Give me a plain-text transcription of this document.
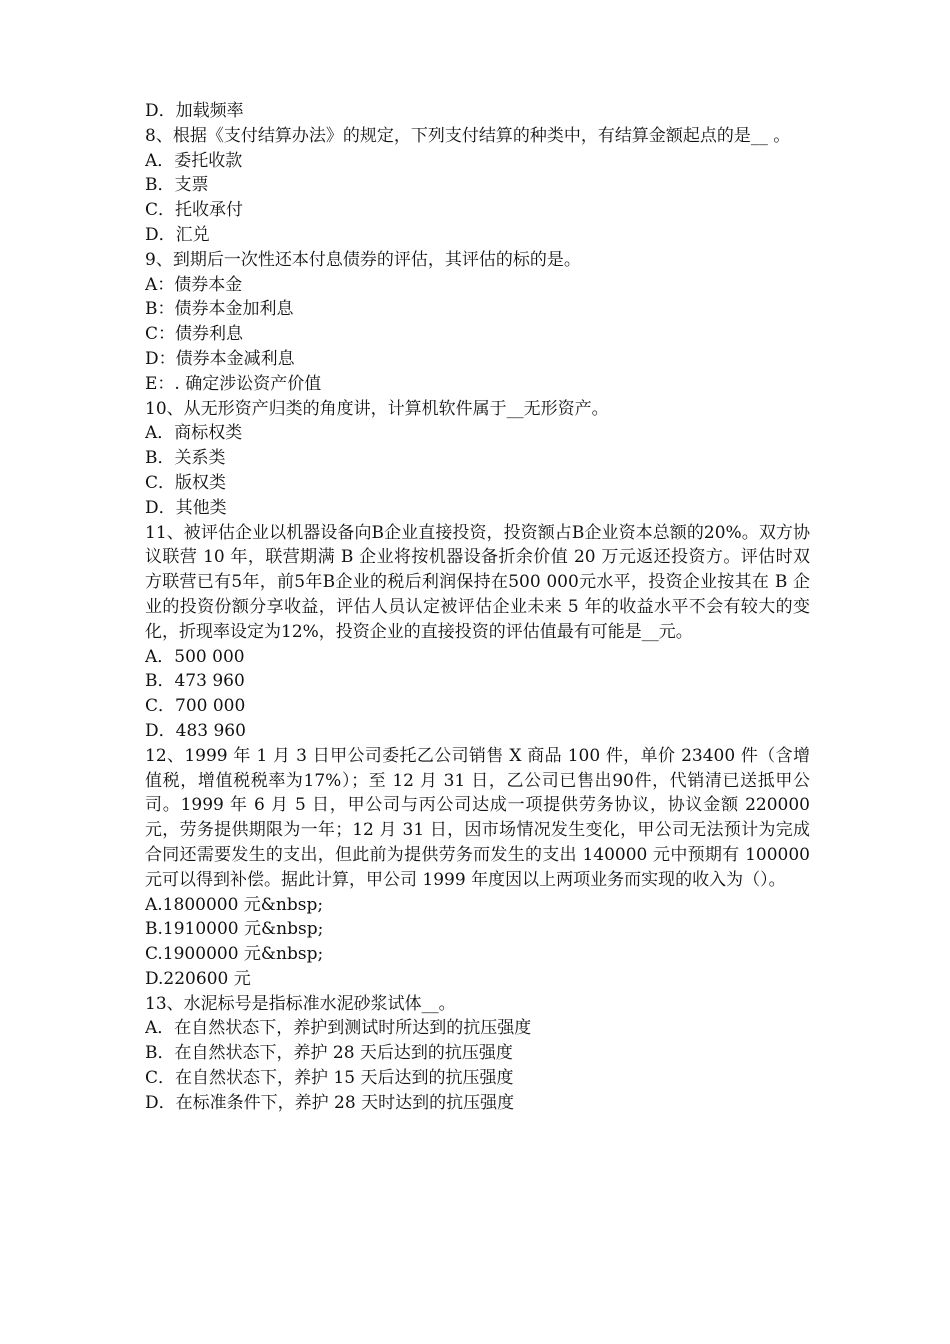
D．加载频率
8、根据《支付结算办法》的规定，下列支付结算的种类中，有结算金额起点的是__ 。
A．委托收款
B．支票
C．托收承付
D．汇兑
9、到期后一次性还本付息债券的评估，其评估的标的是。
A：债券本金
B：债券本金加利息
C：债券利息
D：债券本金减利息
E：. 确定涉讼资产价值
10、从无形资产归类的角度讲，计算机软件属于__无形资产。
A．商标权类
B．关系类
C．版权类
D．其他类
11、被评估企业以机器设备向B企业直接投资，投资额占B企业资本总额的20%。双方协议联营 10 年，联营期满 B 企业将按机器设备折余价值 20 万元返还投资方。评估时双方联营已有5年，前5年B企业的税后利润保持在500 000元水平，投资企业按其在 B 企业的投资份额分享收益，评估人员认定被评估企业未来 5 年的收益水平不会有较大的变化，折现率设定为12%，投资企业的直接投资的评估值最有可能是__元。
A．500 000
B．473 960
C．700 000
D．483 960
12、1999 年 1 月 3 日甲公司委托乙公司销售 X 商品 100 件，单价 23400 件（含增值税，增值税税率为17%）；至 12 月 31 日，乙公司已售出90件，代销清已送抵甲公司。1999 年 6 月 5 日，甲公司与丙公司达成一项提供劳务协议，协议金额 220000 元，劳务提供期限为一年；12 月 31 日，因市场情况发生变化，甲公司无法预计为完成合同还需要发生的支出，但此前为提供劳务而发生的支出 140000 元中预期有 100000 元可以得到补偿。据此计算，甲公司 1999 年度因以上两项业务而实现的收入为（）。
A.1800000 元&nbsp;
B.1910000 元&nbsp;
C.1900000 元&nbsp;
D.220600 元
13、水泥标号是指标准水泥砂浆试体__。
A．在自然状态下，养护到测试时所达到的抗压强度
B．在自然状态下，养护 28 天后达到的抗压强度
C．在自然状态下，养护 15 天后达到的抗压强度
D．在标准条件下，养护 28 天时达到的抗压强度
